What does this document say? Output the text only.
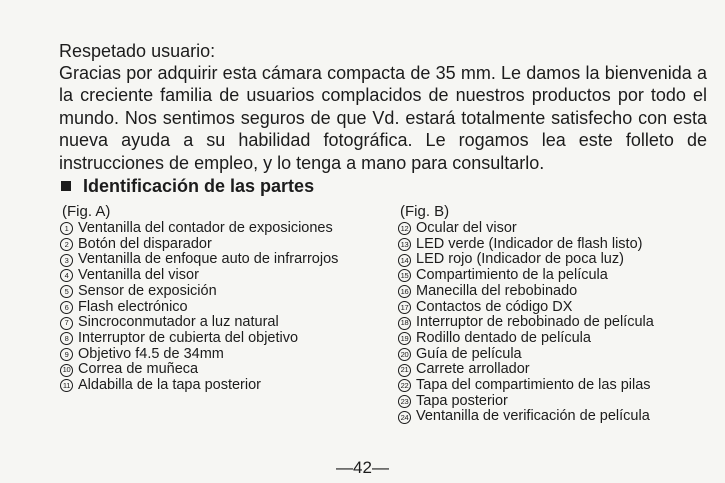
Respetado usuario:

Gracias por adquirir esta cámara compacta de 35 mm. Le damos la bienvenida a la creciente familia de usuarios complacidos de nuestros productos por todo el mundo. Nos sentimos seguros de que Vd. estará totalmente satisfecho con esta nueva ayuda a su habilidad fotográfica. Le rogamos lea este folleto de instrucciones de empleo, y lo tenga a mano para consultarlo.

Identificación de las partes
(Fig. A)
1 Ventanilla del contador de exposiciones
2 Botón del disparador
3 Ventanilla de enfoque auto de infrarrojos
4 Ventanilla del visor
5 Sensor de exposición
6 Flash electrónico
7 Sincroconmutador a luz natural
8 Interruptor de cubierta del objetivo
9 Objetivo f4.5 de 34mm
10 Correa de muñeca
11 Aldabilla de la tapa posterior
(Fig. B)
12 Ocular del visor
13 LED verde (Indicador de flash listo)
14 LED rojo (Indicador de poca luz)
15 Compartimiento de la película
16 Manecilla del rebobinado
17 Contactos de código DX
18 Interruptor de rebobinado de película
19 Rodillo dentado de película
20 Guía de película
21 Carrete arrollador
22 Tapa del compartimiento de las pilas
23 Tapa posterior
24 Ventanilla de verificación de película
—42—
